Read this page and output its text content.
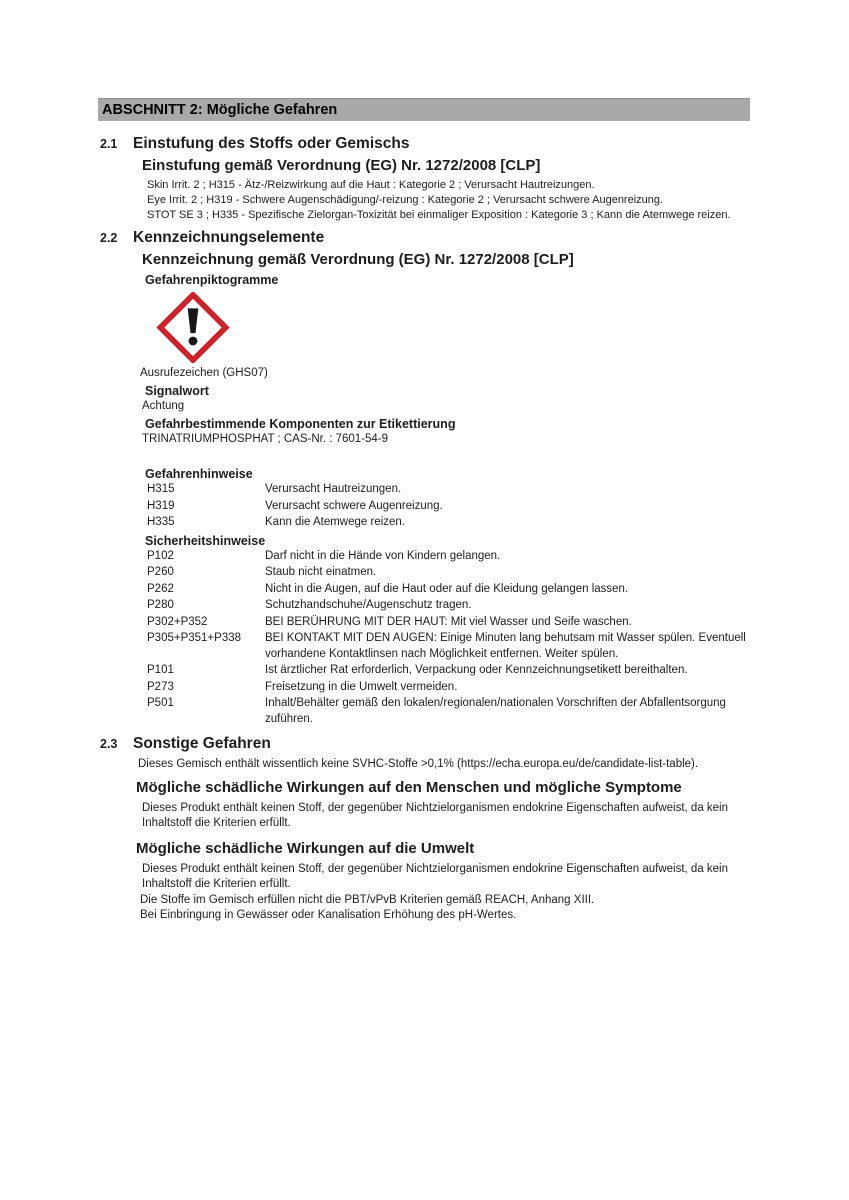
ABSCHNITT 2: Mögliche Gefahren
2.1	Einstufung des Stoffs oder Gemischs
Einstufung gemäß Verordnung (EG) Nr. 1272/2008 [CLP]
Skin Irrit. 2 ; H315 - Ätz-/Reizwirkung auf die Haut : Kategorie 2 ; Verursacht Hautreizungen.
Eye Irrit. 2 ; H319 - Schwere Augenschädigung/-reizung : Kategorie 2 ; Verursacht schwere Augenreizung.
STOT SE 3 ; H335 - Spezifische Zielorgan-Toxizität bei einmaliger Exposition : Kategorie 3 ; Kann die Atemwege reizen.
2.2	Kennzeichnungselemente
Kennzeichnung gemäß Verordnung (EG) Nr. 1272/2008 [CLP]
Gefahrenpiktogramme
Ausrufezeichen (GHS07)
Signalwort
Achtung
Gefahrbestimmende Komponenten zur Etikettierung
TRINATRIUMPHOSPHAT ; CAS-Nr. : 7601-54-9
Gefahrenhinweise
H315	Verursacht Hautreizungen.
H319	Verursacht schwere Augenreizung.
H335	Kann die Atemwege reizen.
Sicherheitshinweise
P102	Darf nicht in die Hände von Kindern gelangen.
P260	Staub nicht einatmen.
P262	Nicht in die Augen, auf die Haut oder auf die Kleidung gelangen lassen.
P280	Schutzhandschuhe/Augenschutz tragen.
P302+P352	BEI BERÜHRUNG MIT DER HAUT: Mit viel Wasser und Seife waschen.
P305+P351+P338	BEI KONTAKT MIT DEN AUGEN: Einige Minuten lang behutsam mit Wasser spülen. Eventuell vorhandene Kontaktlinsen nach Möglichkeit entfernen. Weiter spülen.
P101	Ist ärztlicher Rat erforderlich, Verpackung oder Kennzeichnungsetikett bereithalten.
P273	Freisetzung in die Umwelt vermeiden.
P501	Inhalt/Behälter gemäß den lokalen/regionalen/nationalen Vorschriften der Abfallentsorgung zuführen.
2.3	Sonstige Gefahren
Dieses Gemisch enthält wissentlich keine SVHC-Stoffe >0,1% (https://echa.europa.eu/de/candidate-list-table).
Mögliche schädliche Wirkungen auf den Menschen und mögliche Symptome
Dieses Produkt enthält keinen Stoff, der gegenüber Nichtzielorganismen endokrine Eigenschaften aufweist, da kein Inhaltstoff die Kriterien erfüllt.
Mögliche schädliche Wirkungen auf die Umwelt
Dieses Produkt enthält keinen Stoff, der gegenüber Nichtzielorganismen endokrine Eigenschaften aufweist, da kein Inhaltstoff die Kriterien erfüllt.
Die Stoffe im Gemisch erfüllen nicht die PBT/vPvB Kriterien gemäß REACH, Anhang XIII.
Bei Einbringung in Gewässer oder Kanalisation Erhöhung des pH-Wertes.
